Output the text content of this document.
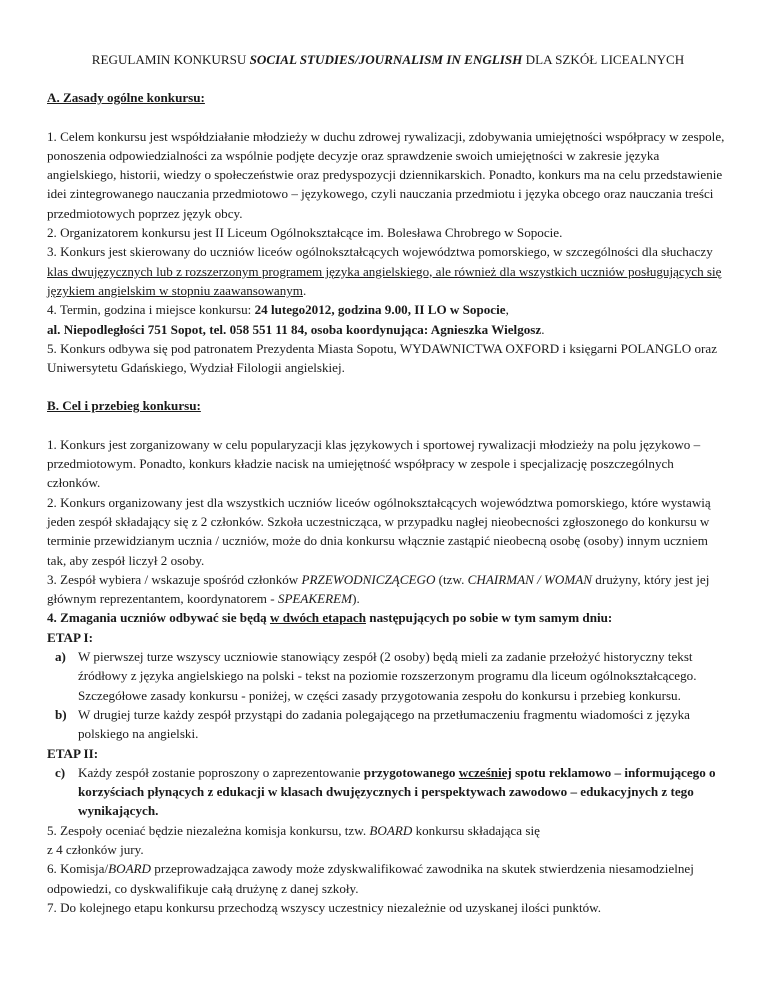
REGULAMIN KONKURSU SOCIAL STUDIES/JOURNALISM IN ENGLISH DLA SZKÓŁ LICEALNYCH

A. Zasady ogólne konkursu:

1. Celem konkursu jest współdziałanie młodzieży w duchu zdrowej rywalizacji, zdobywania umiejętności współpracy w zespole, ponoszenia odpowiedzialności za wspólnie podjęte decyzje oraz sprawdzenie swoich umiejętności w zakresie języka angielskiego, historii, wiedzy o społeczeństwie oraz predyspozycji dziennikarskich. Ponadto, konkurs ma na celu przedstawienie idei zintegrowanego nauczania przedmiotowo – językowego, czyli nauczania przedmiotu i języka obcego oraz nauczania treści przedmiotowych poprzez język obcy.

2. Organizatorem konkursu jest II Liceum Ogólnokształcące im. Bolesława Chrobrego w Sopocie.

3. Konkurs jest skierowany do uczniów liceów ogólnokształcących województwa pomorskiego, w szczególności dla słuchaczy klas dwujęzycznych lub z rozszerzonym programem języka angielskiego, ale również dla wszystkich uczniów posługujących się językiem angielskim w stopniu zaawansowanym.

4. Termin, godzina i miejsce konkursu: 24 lutego2012, godzina 9.00, II LO w Sopocie,
al. Niepodległości 751 Sopot, tel. 058 551 11 84, osoba koordynująca: Agnieszka Wielgosz.

5. Konkurs odbywa się pod patronatem Prezydenta Miasta Sopotu, WYDAWNICTWA OXFORD i księgarni POLANGLO oraz Uniwersytetu Gdańskiego, Wydział Filologii angielskiej.

B. Cel i przebieg konkursu:

1. Konkurs jest zorganizowany w celu popularyzacji klas językowych i sportowej rywalizacji młodzieży na polu językowo – przedmiotowym. Ponadto, konkurs kładzie nacisk na umiejętność współpracy w zespole i specjalizację poszczególnych członków.

2. Konkurs organizowany jest dla wszystkich uczniów liceów ogólnokształcących województwa pomorskiego, które wystawią jeden zespół składający się z 2 członków. Szkoła uczestnicząca, w przypadku nagłej nieobecności zgłoszonego do konkursu w terminie przewidzianym ucznia / uczniów, może do dnia konkursu włącznie zastąpić nieobecną osobę (osoby) innym uczniem tak, aby zespół liczył 2 osoby.

3. Zespół wybiera / wskazuje spośród członków PRZEWODNICZĄCEGO (tzw. CHAIRMAN / WOMAN drużyny, który jest jej głównym reprezentantem, koordynatorem - SPEAKEREM).

4. Zmagania uczniów odbywać sie będą w dwóch etapach następujących po sobie w tym samym dniu:

ETAP I:

a) W pierwszej turze wszyscy uczniowie stanowiący zespół (2 osoby) będą mieli za zadanie przełożyć historyczny tekst źródłowy z języka angielskiego na polski - tekst na poziomie rozszerzonym programu dla liceum ogólnokształcącego. Szczegółowe zasady konkursu - poniżej, w części zasady przygotowania zespołu do konkursu i przebieg konkursu.
b) W drugiej turze każdy zespół przystąpi do zadania polegającego na przetłumaczeniu fragmentu wiadomości z języka polskiego na angielski.

ETAP II:

c) Każdy zespół zostanie poproszony o zaprezentowanie przygotowanego wcześniej spotu reklamowo – informującego o korzyściach płynących z edukacji w klasach dwujęzycznych i perspektywach zawodowo – edukacyjnych z tego wynikających.

5. Zespoły oceniać będzie niezależna komisja konkursu, tzw. BOARD konkursu składająca się
z 4 członków jury.

6. Komisja/BOARD przeprowadzająca zawody może zdyskwalifikować zawodnika na skutek stwierdzenia niesamodzielnej odpowiedzi, co dyskwalifikuje całą drużynę z danej szkoły.

7. Do kolejnego etapu konkursu przechodzą wszyscy uczestnicy niezależnie od uzyskanej ilości punktów.
